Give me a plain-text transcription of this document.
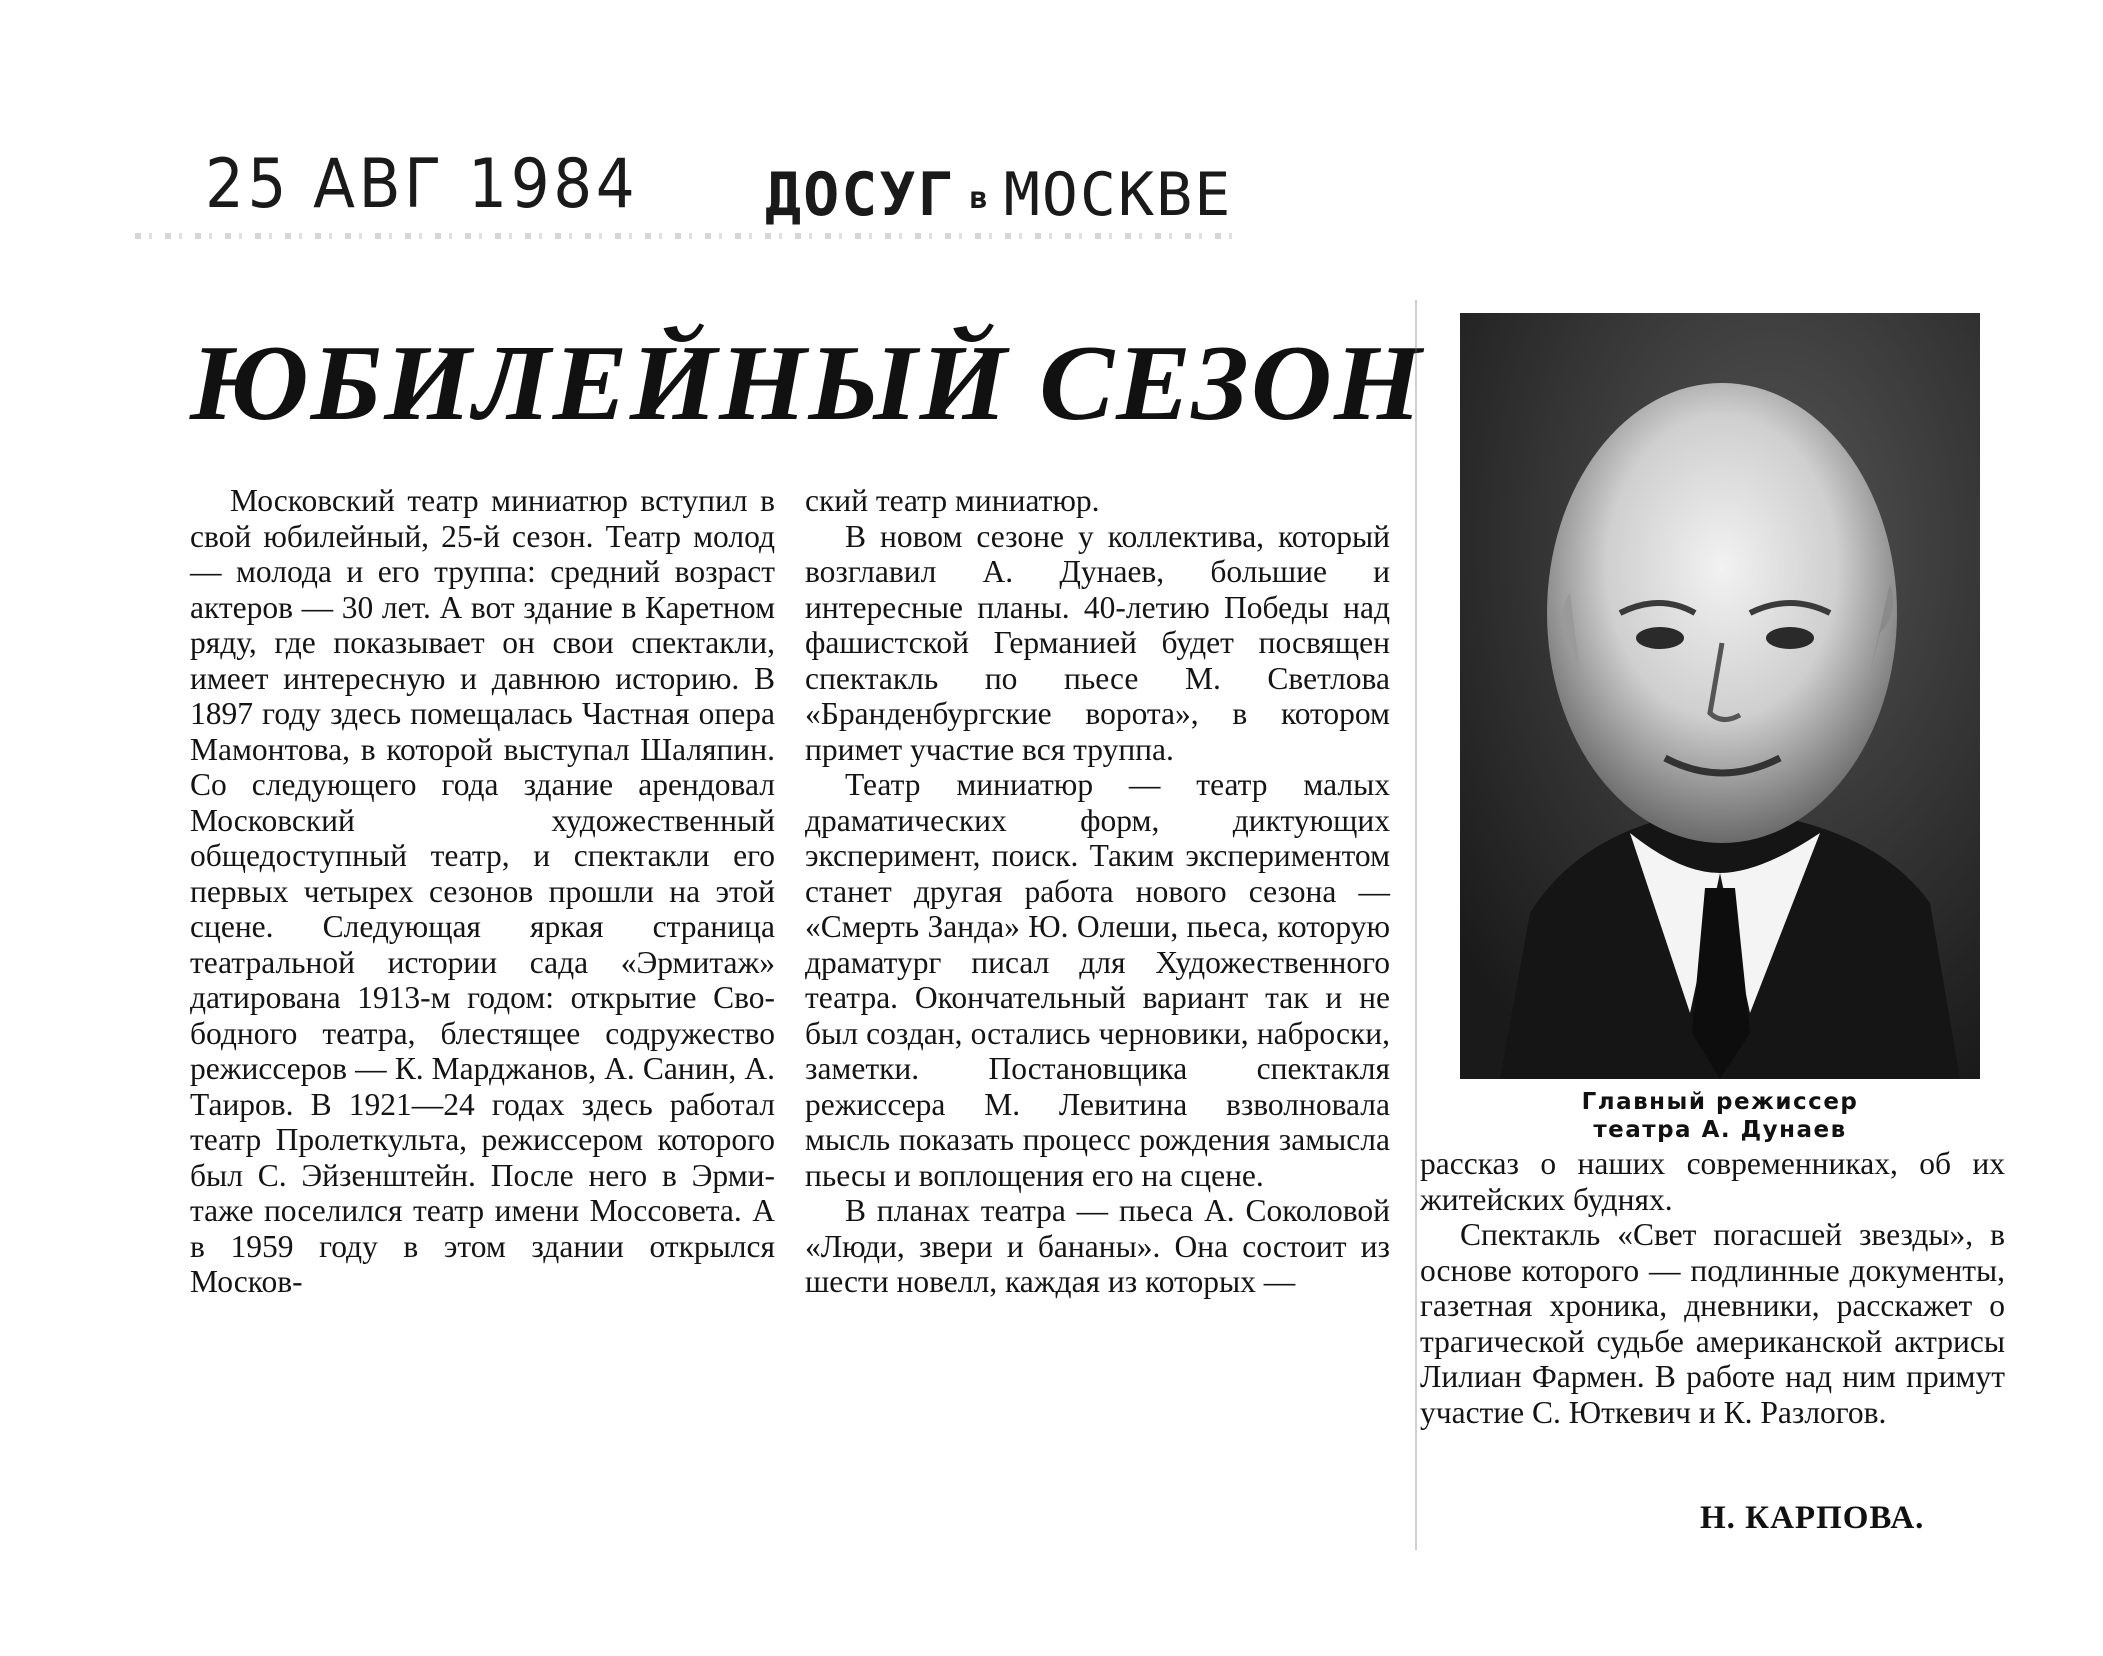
25 АВГ 1984 ДОСУГ в МОСКВЕ
ЮБИЛЕЙНЫЙ СЕЗОН

Московский театр миниатюр вступил в свой юбилейный, 25-й сезон. Театр молод — молода и его труппа: средний возраст актеров — 30 лет. А вот здание в Каретном ряду, где показывает он свои спектакли, имеет интересную и давнюю историю. В 1897 году здесь помещалась Частная опера Мамонтова, в которой выступал Шаляпин. Со следующего года здание арендовал Московский художественный общедоступный театр, и спектакли его первых четырех сезонов прошли на этой сцене. Следующая яркая страница театральной истории сада «Эрмитаж» датирована 1913-м годом: открытие Свободного театра, блестящее содружество режиссеров — К. Марджанов, А. Санин, А. Таиров. В 1921—24 годах здесь работал театр Пролеткульта, режиссером которого был С. Эйзенштейн. После него в Эрмитаже поселился театр имени Моссовета. А в 1959 году в этом здании открылся Москов-

ский театр миниатюр.

В новом сезоне у коллектива, который возглавил А. Дунаев, большие и интересные планы. 40-летию Победы над фашистской Германией будет посвящен спектакль по пьесе М. Светлова «Бранденбургские ворота», в котором примет участие вся труппа.

Театр миниатюр — театр малых драматических форм, диктующих эксперимент, поиск. Таким экспериментом станет другая работа нового сезона — «Смерть Занда» Ю. Олеши, пьеса, которую драматург писал для Художественного театра. Окончательный вариант так и не был создан, остались черновики, наброски, заметки. Постановщика спектакля режиссера М. Левитина взволновала мысль показать процесс рождения замысла пьесы и воплощения его на сцене.

В планах театра — пьеса А. Соколовой «Люди, звери и бананы». Она состоит из шести новелл, каждая из которых —

Главный режиссер
театра А. Дунаев

рассказ о наших современниках, об их житейских буднях.

Спектакль «Свет погасшей звезды», в основе которого — подлинные документы, газетная хроника, дневники, расскажет о трагической судьбе американской актрисы Лилиан Фармен. В работе над ним примут участие С. Юткевич и К. Разлогов.

Н. КАРПОВА.
